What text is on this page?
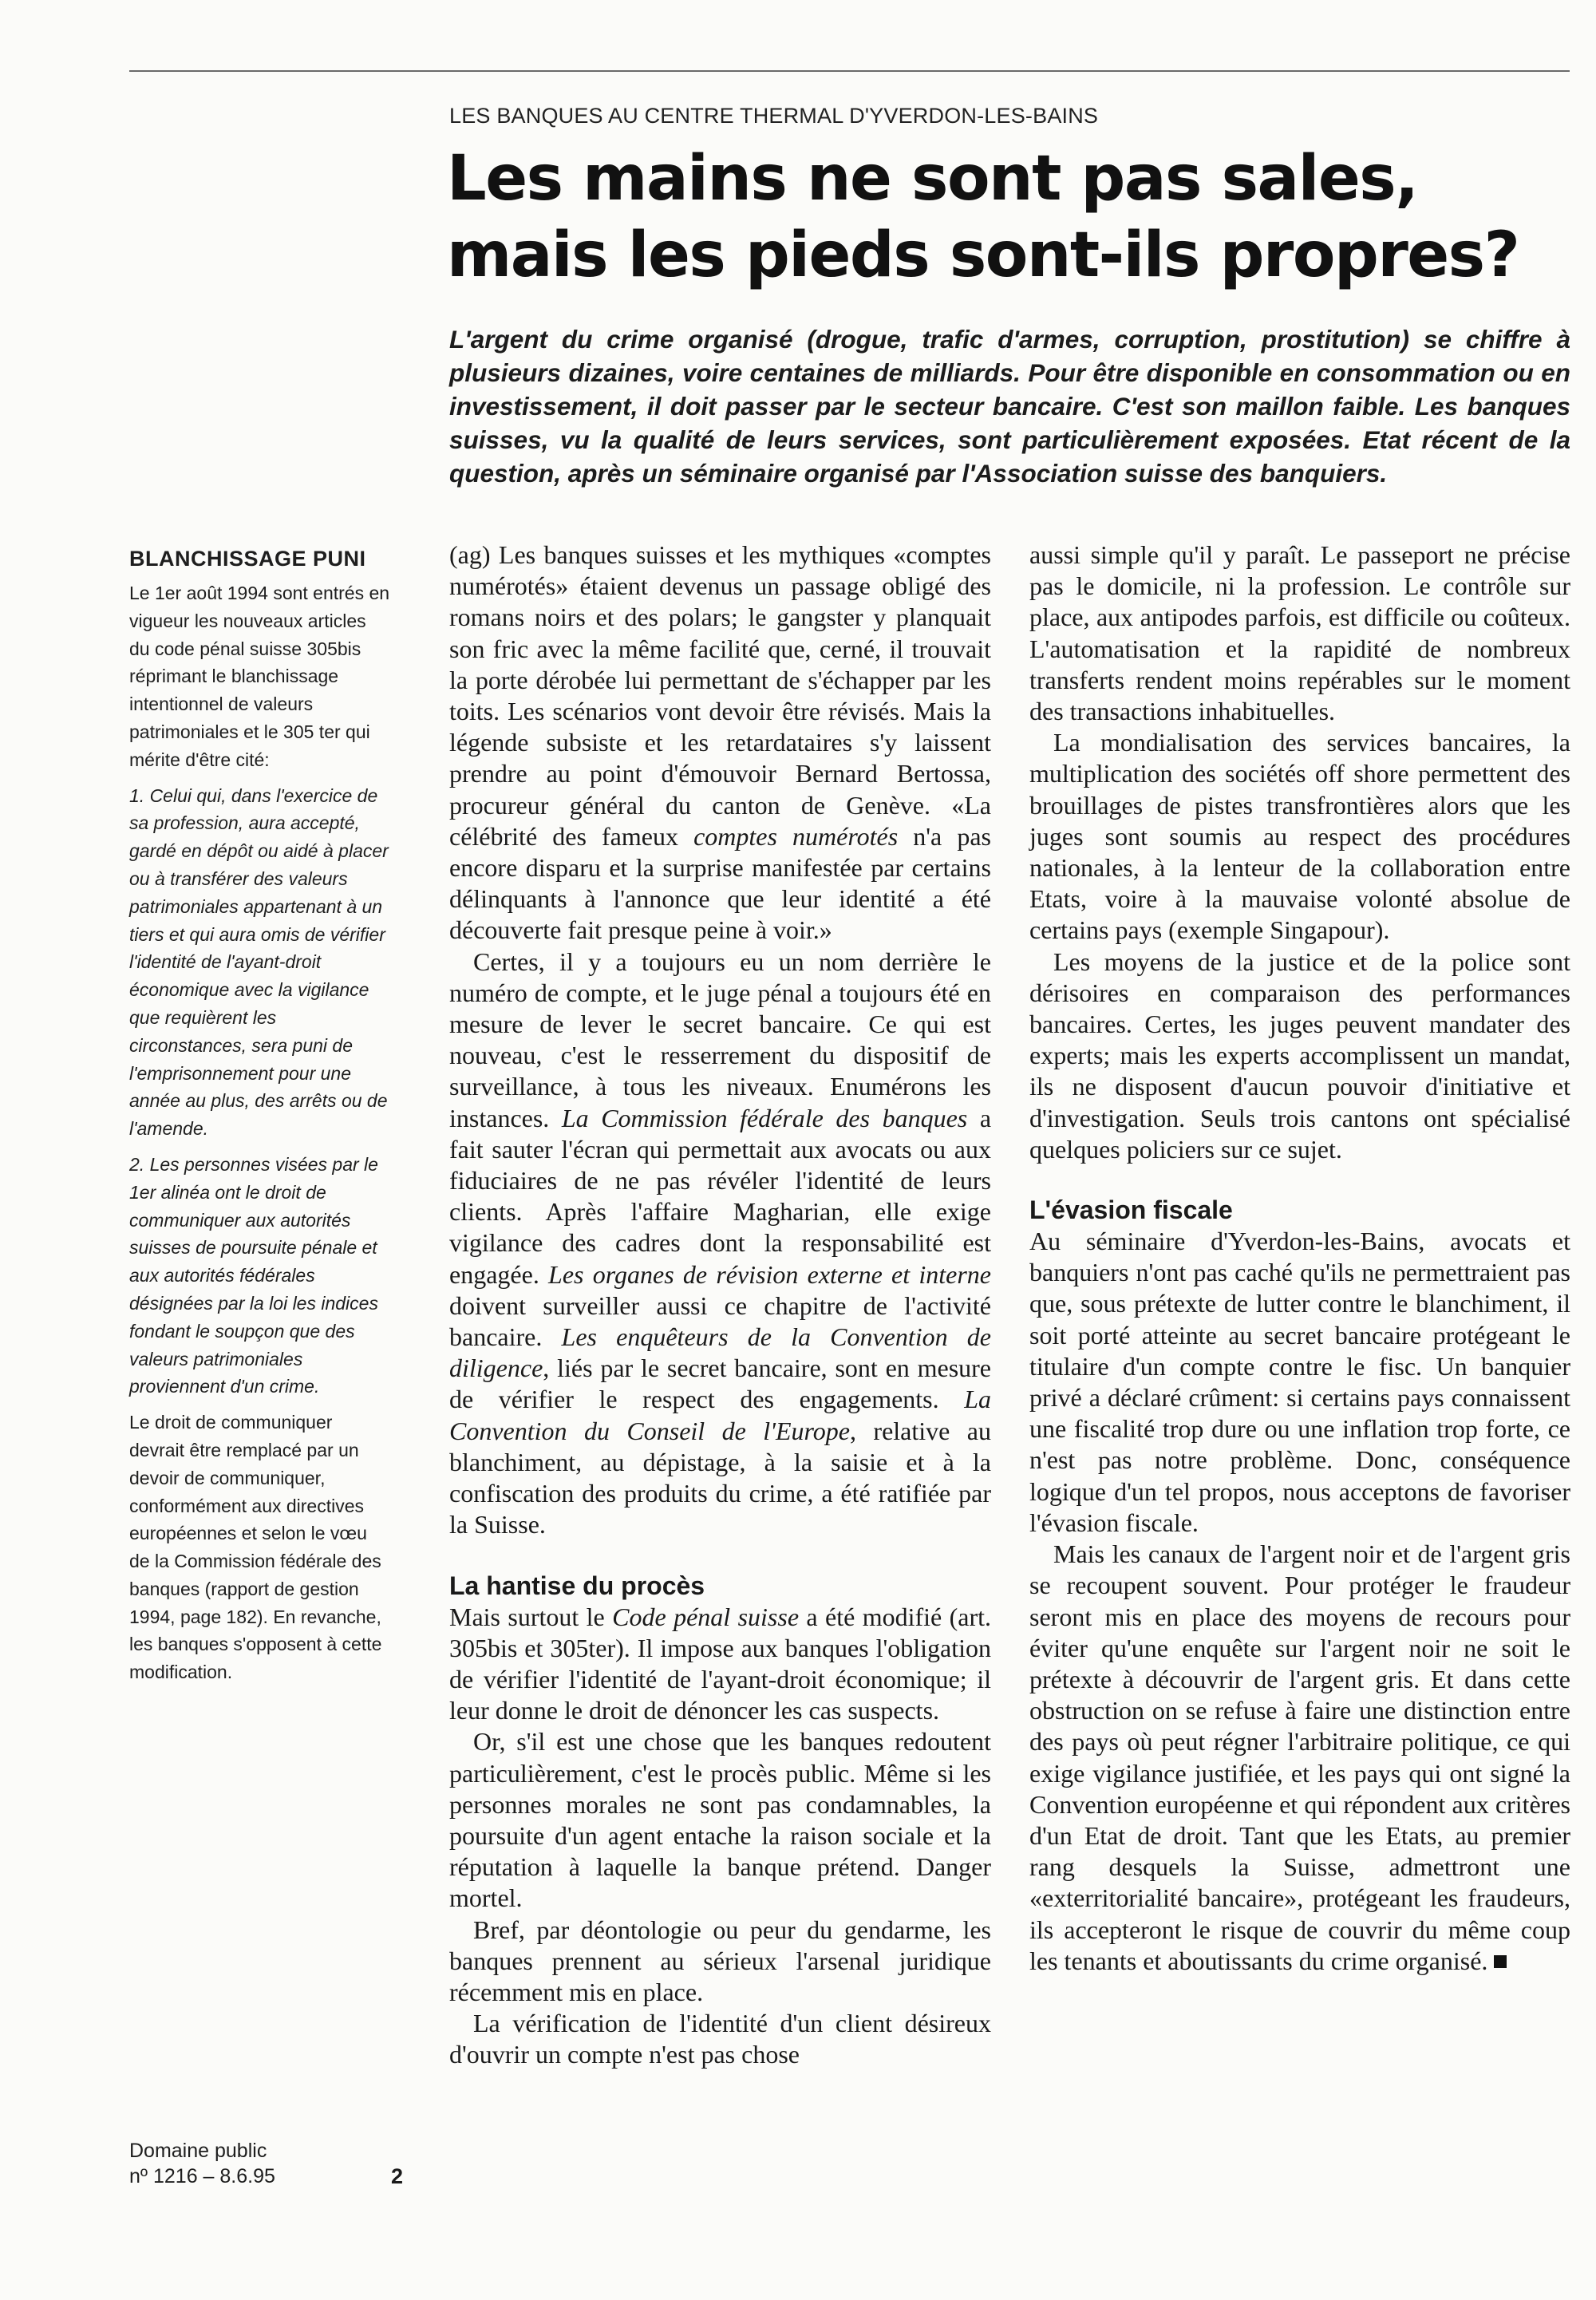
LES BANQUES AU CENTRE THERMAL D'YVERDON-LES-BAINS
Les mains ne sont pas sales, mais les pieds sont-ils propres?

L'argent du crime organisé (drogue, trafic d'armes, corruption, prostitution) se chiffre à plusieurs dizaines, voire centaines de milliards. Pour être disponible en consommation ou en investissement, il doit passer par le secteur bancaire. C'est son maillon faible. Les banques suisses, vu la qualité de leurs services, sont particulièrement exposées. Etat récent de la question, après un séminaire organisé par l'Association suisse des banquiers.

BLANCHISSAGE PUNI

Le 1er août 1994 sont entrés en vigueur les nouveaux articles du code pénal suisse 305bis réprimant le blanchissage intentionnel de valeurs patrimoniales et le 305 ter qui mérite d'être cité:

1. Celui qui, dans l'exercice de sa profession, aura accepté, gardé en dépôt ou aidé à placer ou à transférer des valeurs patrimoniales appartenant à un tiers et qui aura omis de vérifier l'identité de l'ayant-droit économique avec la vigilance que requièrent les circonstances, sera puni de l'emprisonnement pour une année au plus, des arrêts ou de l'amende.

2. Les personnes visées par le 1er alinéa ont le droit de communiquer aux autorités suisses de poursuite pénale et aux autorités fédérales désignées par la loi les indices fondant le soupçon que des valeurs patrimoniales proviennent d'un crime.

Le droit de communiquer devrait être remplacé par un devoir de communiquer, conformément aux directives européennes et selon le vœu de la Commission fédérale des banques (rapport de gestion 1994, page 182). En revanche, les banques s'opposent à cette modification.

(ag) Les banques suisses et les mythiques «comptes numérotés» étaient devenus un passage obligé des romans noirs et des polars; le gangster y planquait son fric avec la même facilité que, cerné, il trouvait la porte dérobée lui permettant de s'échapper par les toits. Les scénarios vont devoir être révisés. Mais la légende subsiste et les retardataires s'y laissent prendre au point d'émouvoir Bernard Bertossa, procureur général du canton de Genève. «La célébrité des fameux comptes numérotés n'a pas encore disparu et la surprise manifestée par certains délinquants à l'annonce que leur identité a été découverte fait presque peine à voir.»

Certes, il y a toujours eu un nom derrière le numéro de compte, et le juge pénal a toujours été en mesure de lever le secret bancaire. Ce qui est nouveau, c'est le resserrement du dispositif de surveillance, à tous les niveaux. Enumérons les instances. La Commission fédérale des banques a fait sauter l'écran qui permettait aux avocats ou aux fiduciaires de ne pas révéler l'identité de leurs clients. Après l'affaire Magharian, elle exige vigilance des cadres dont la responsabilité est engagée. Les organes de révision externe et interne doivent surveiller aussi ce chapitre de l'activité bancaire. Les enquêteurs de la Convention de diligence, liés par le secret bancaire, sont en mesure de vérifier le respect des engagements. La Convention du Conseil de l'Europe, relative au blanchiment, au dépistage, à la saisie et à la confiscation des produits du crime, a été ratifiée par la Suisse.

La hantise du procès

Mais surtout le Code pénal suisse a été modifié (art. 305bis et 305ter). Il impose aux banques l'obligation de vérifier l'identité de l'ayant-droit économique; il leur donne le droit de dénoncer les cas suspects.

Or, s'il est une chose que les banques redoutent particulièrement, c'est le procès public. Même si les personnes morales ne sont pas condamnables, la poursuite d'un agent entache la raison sociale et la réputation à laquelle la banque prétend. Danger mortel.

Bref, par déontologie ou peur du gendarme, les banques prennent au sérieux l'arsenal juridique récemment mis en place.

La vérification de l'identité d'un client désireux d'ouvrir un compte n'est pas chose

aussi simple qu'il y paraît. Le passeport ne précise pas le domicile, ni la profession. Le contrôle sur place, aux antipodes parfois, est difficile ou coûteux. L'automatisation et la rapidité de nombreux transferts rendent moins repérables sur le moment des transactions inhabituelles.

La mondialisation des services bancaires, la multiplication des sociétés off shore permettent des brouillages de pistes transfrontières alors que les juges sont soumis au respect des procédures nationales, à la lenteur de la collaboration entre Etats, voire à la mauvaise volonté absolue de certains pays (exemple Singapour).

Les moyens de la justice et de la police sont dérisoires en comparaison des performances bancaires. Certes, les juges peuvent mandater des experts; mais les experts accomplissent un mandat, ils ne disposent d'aucun pouvoir d'initiative et d'investigation. Seuls trois cantons ont spécialisé quelques policiers sur ce sujet.

L'évasion fiscale

Au séminaire d'Yverdon-les-Bains, avocats et banquiers n'ont pas caché qu'ils ne permettraient pas que, sous prétexte de lutter contre le blanchiment, il soit porté atteinte au secret bancaire protégeant le titulaire d'un compte contre le fisc. Un banquier privé a déclaré crûment: si certains pays connaissent une fiscalité trop dure ou une inflation trop forte, ce n'est pas notre problème. Donc, conséquence logique d'un tel propos, nous acceptons de favoriser l'évasion fiscale.

Mais les canaux de l'argent noir et de l'argent gris se recoupent souvent. Pour protéger le fraudeur seront mis en place des moyens de recours pour éviter qu'une enquête sur l'argent noir ne soit le prétexte à découvrir de l'argent gris. Et dans cette obstruction on se refuse à faire une distinction entre des pays où peut régner l'arbitraire politique, ce qui exige vigilance justifiée, et les pays qui ont signé la Convention européenne et qui répondent aux critères d'un Etat de droit. Tant que les Etats, au premier rang desquels la Suisse, admettront une «exterritorialité bancaire», protégeant les fraudeurs, ils accepteront le risque de couvrir du même coup les tenants et aboutissants du crime organisé.

Domaine public
nº 1216 – 8.6.95	2
